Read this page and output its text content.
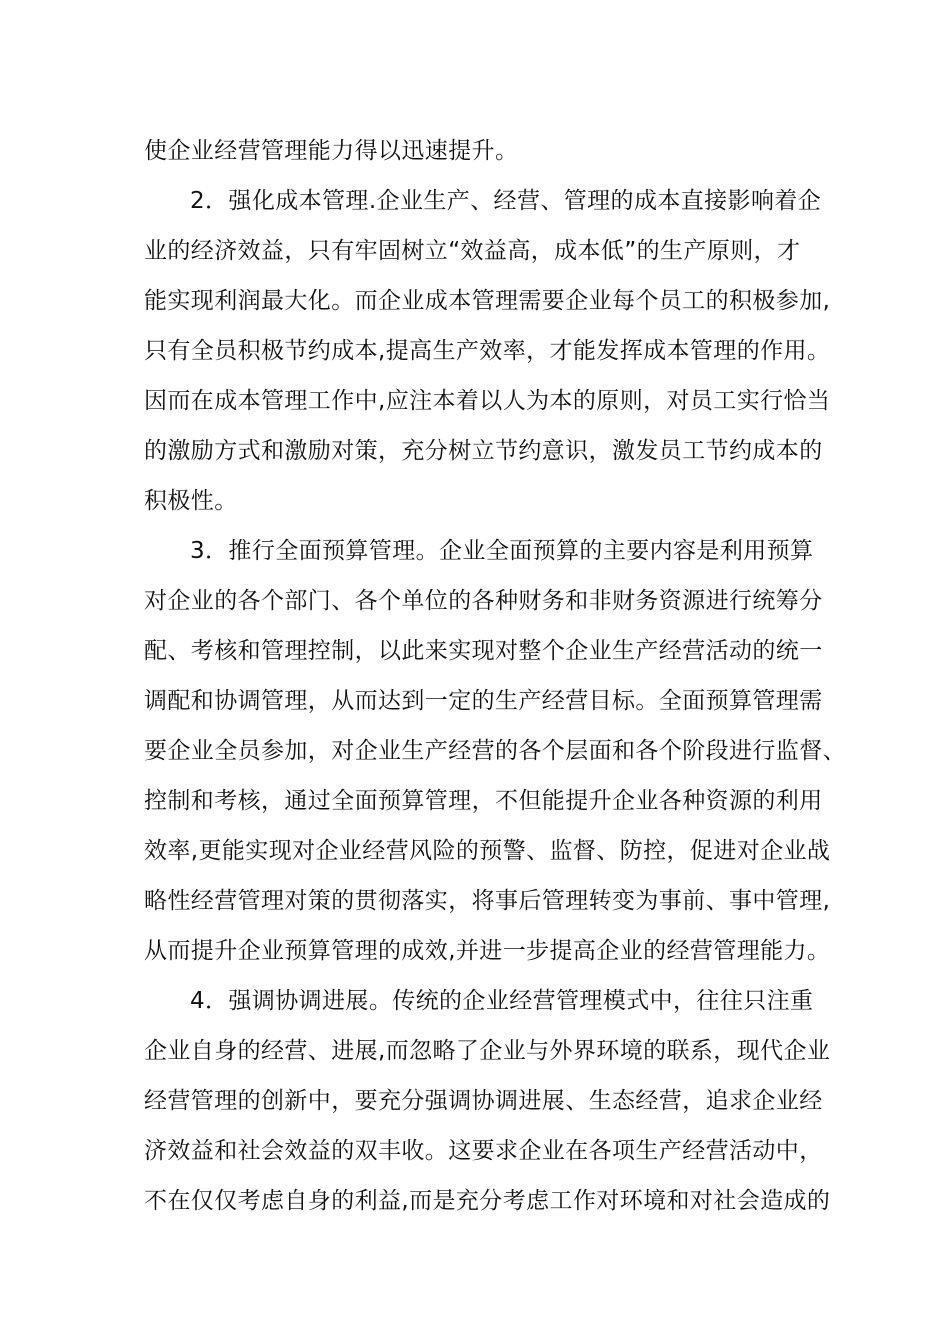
使企业经营管理能力得以迅速提升。
2．强化成本管理.企业生产、经营、管理的成本直接影响着企
业的经济效益，只有牢固树立“效益高，成本低”的生产原则，才
能实现利润最大化。而企业成本管理需要企业每个员工的积极参加,
只有全员积极节约成本,提高生产效率，才能发挥成本管理的作用。
因而在成本管理工作中,应注本着以人为本的原则，对员工实行恰当
的激励方式和激励对策，充分树立节约意识，激发员工节约成本的
积极性。
3．推行全面预算管理。企业全面预算的主要内容是利用预算
对企业的各个部门、各个单位的各种财务和非财务资源进行统筹分
配、考核和管理控制，以此来实现对整个企业生产经营活动的统一
调配和协调管理，从而达到一定的生产经营目标。全面预算管理需
要企业全员参加，对企业生产经营的各个层面和各个阶段进行监督、
控制和考核，通过全面预算管理，不但能提升企业各种资源的利用
效率,更能实现对企业经营风险的预警、监督、防控，促进对企业战
略性经营管理对策的贯彻落实，将事后管理转变为事前、事中管理,
从而提升企业预算管理的成效,并进一步提高企业的经营管理能力。
4．强调协调进展。传统的企业经营管理模式中，往往只注重
企业自身的经营、进展,而忽略了企业与外界环境的联系，现代企业
经营管理的创新中，要充分强调协调进展、生态经营，追求企业经
济效益和社会效益的双丰收。这要求企业在各项生产经营活动中，
不在仅仅考虑自身的利益,而是充分考虑工作对环境和对社会造成的
